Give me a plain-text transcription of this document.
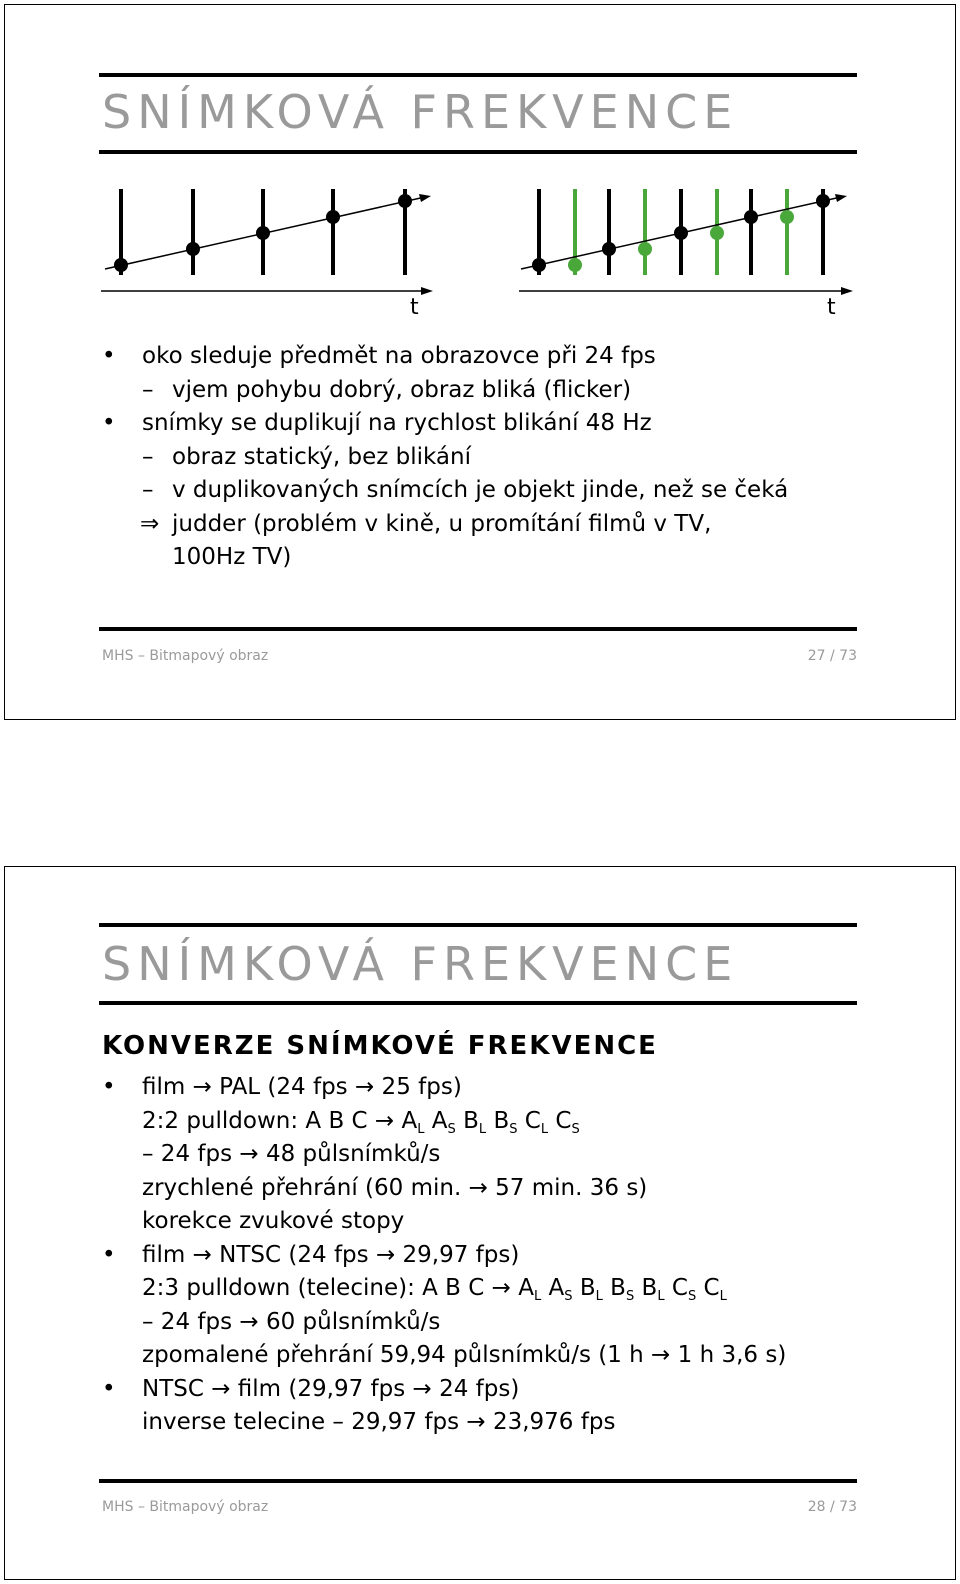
SNÍMKOVÁ FREKVENCE
t	t
• oko sleduje předmět na obrazovce při 24 fps
– vjem pohybu dobrý, obraz bliká (flicker)
• snímky se duplikují na rychlost blikání 48 Hz
– obraz statický, bez blikání
– v duplikovaných snímcích je objekt jinde, než se čeká
⇒ judder (problém v kině, u promítání filmů v TV,
100Hz TV)
MHS – Bitmapový obraz	27 / 73
SNÍMKOVÁ FREKVENCE
KONVERZE SNÍMKOVÉ FREKVENCE
• film → PAL (24 fps → 25 fps)
2:2 pulldown: A B $C \to A_L$ $A_S$ $B_L$ $B_S$ $C_L$ $C_S$
– 24 fps → 48 půlsnímků/s
zrychlené přehrání (60 min. → 57 min. 36 s)
korekce zvukové stopy
• film → NTSC (24 fps → 29,97 fps)
2:3 pulldown (telecine): A B $C \to A_L$ $A_S$ $B_L$ $B_S$ $B_L$ $C_S$ $C_L$
– 24 fps → 60 půlsnímků/s
zpomalené přehrání 59,94 půlsnímků/s (1 h → 1 h 3,6 s)
• NTSC → film (29,97 fps → 24 fps)
inverse telecine – 29,97 fps → 23,976 fps
MHS – Bitmapový obraz	28 / 73
